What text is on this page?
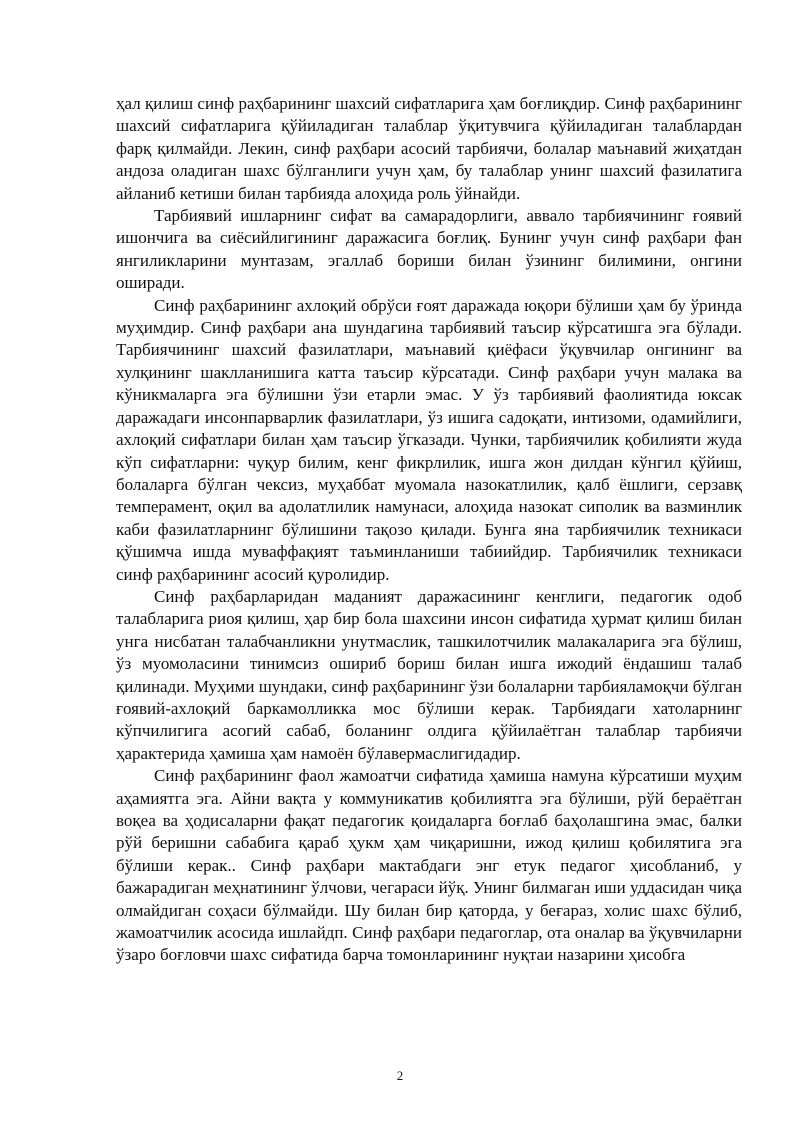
ҳал қилиш синф раҳбарининг шахсий сифатларига ҳам боғлиқдир. Синф раҳбарининг шахсий сифатларига қўйиладиган талаблар ўқитувчига қўйиладиган талаблардан фарқ қилмайди. Лекин, синф раҳбари асосий тарбиячи, болалар маънавий жиҳатдан андоза оладиган шахс бўлганлиги учун ҳам, бу талаблар унинг шахсий фазилатига айланиб кетиши билан тарбияда алоҳида роль ўйнайди.

Тарбиявий ишларнинг сифат ва самарадорлиги, аввало тарбиячининг ғоявий ишончига ва сиёсийлигининг даражасига боғлиқ. Бунинг учун синф раҳбари фан янгиликларини мунтазам, эгаллаб бориши билан ўзининг билимини, онгини оширади.

Синф раҳбарининг ахлоқий обрўси ғоят даражада юқори бўлиши ҳам бу ўринда муҳимдир. Синф раҳбари ана шундагина тарбиявий таъсир кўрсатишга эга бўлади. Тарбиячининг шахсий фазилатлари, маънавий қиёфаси ўқувчилар онгининг ва хулқининг шаклланишига катта таъсир кўрсатади. Синф раҳбари учун малака ва кўникмаларга эга бўлишни ўзи етарли эмас. У ўз тарбиявий фаолиятида юксак даражадаги инсонпарварлик фазилатлари, ўз ишига садоқати, интизоми, одамийлиги, ахлоқий сифатлари билан ҳам таъсир ўгказади. Чунки, тарбиячилик қобилияти жуда кўп сифатларни: чуқур билим, кенг фикрлилик, ишга жон дилдан кўнгил қўйиш, болаларга бўлган чексиз, муҳаббат муомала назокатлилик, қалб ёшлиги, серзавқ темперамент, оқил ва адолатлилик намунаси, алоҳида назокат сиполик ва вазминлик каби фазилатларнинг бўлишини тақозо қилади. Бунга яна тарбиячилик техникаси қўшимча ишда муваффақият таъминланиши табиийдир. Тарбиячилик техникаси синф раҳбарининг асосий қуролидир.

Синф раҳбарларидан маданият даражасининг кенглиги, педагогик одоб талабларига риоя қилиш, ҳар бир бола шахсини инсон сифатида ҳурмат қилиш билан унга нисбатан талабчанликни унутмаслик, ташкилотчилик малакаларига эга бўлиш, ўз муомоласини тинимсиз ошириб бориш билан ишга ижодий ёндашиш талаб қилинади. Муҳими шундаки, синф раҳбарининг ўзи болаларни тарбияламоқчи бўлган ғоявий-ахлоқий баркамолликка мос бўлиши керак. Тарбиядаги хатоларнинг кўпчилигига асогий сабаб, боланинг олдига қўйилаётган талаблар тарбиячи ҳарактерида ҳамиша ҳам намоён бўлавермаслигидадир.

Синф раҳбарининг фаол жамоатчи сифатида ҳамиша намуна кўрсатиши муҳим аҳамиятга эга. Айни вақта у коммуникатив қобилиятга эга бўлиши, рўй бераётган воқеа ва ҳодисаларни фақат педагогик қоидаларга боғлаб баҳолашгина эмас, балки рўй беришни сабабига қараб ҳукм ҳам чиқаришни, ижод қилиш қобилятига эга бўлиши керак.. Синф раҳбари мактабдаги энг етук педагог ҳисобланиб, у бажарадиган меҳнатининг ўлчови, чегараси йўқ. Унинг билмаган иши уддасидан чиқа олмайдиган соҳаси бўлмайди. Шу билан бир қаторда, у беғараз, холис шахс бўлиб, жамоатчилик асосида ишлайдп. Синф раҳбари педагоглар, ота оналар ва ўқувчиларни ўзаро боғловчи шахс сифатида барча томонларининг нуқтаи назарини ҳисобга

2
